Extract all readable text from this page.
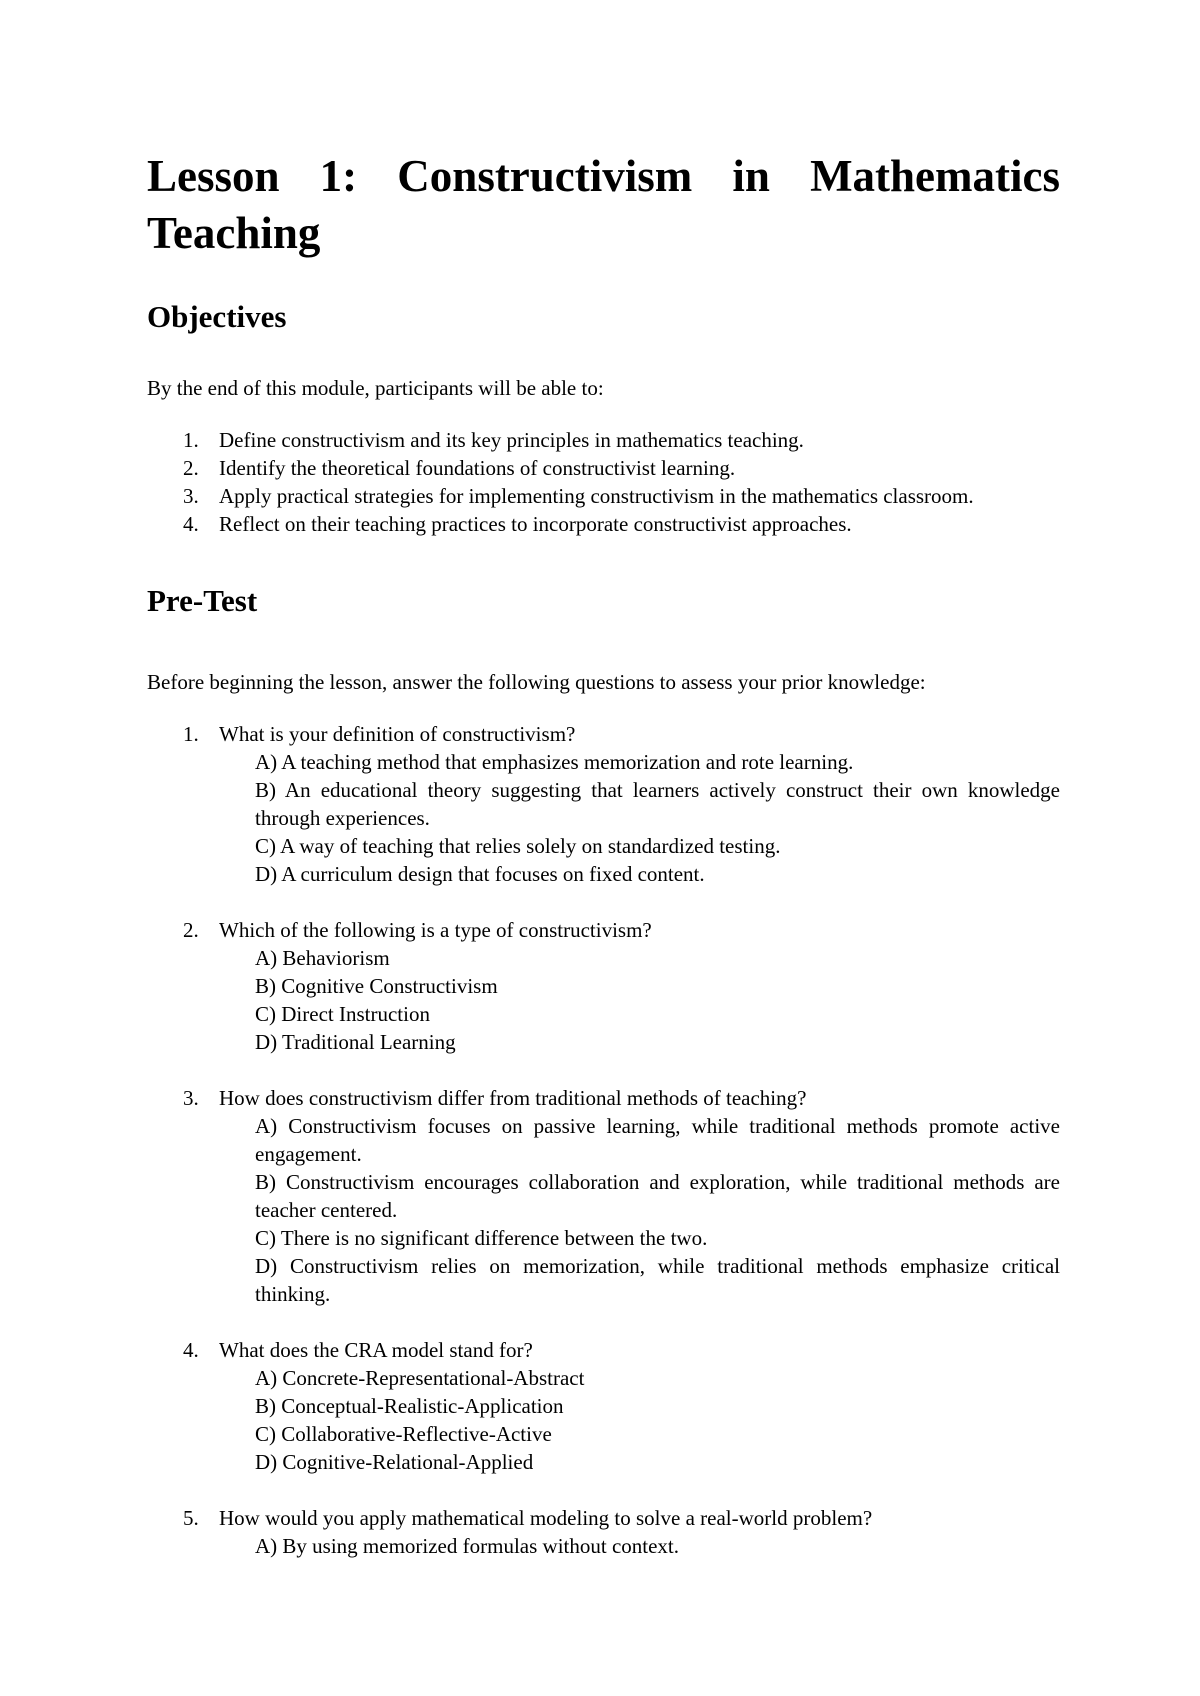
Lesson 1: Constructivism in Mathematics Teaching
Objectives

By the end of this module, participants will be able to:

1. Define constructivism and its key principles in mathematics teaching.
2. Identify the theoretical foundations of constructivist learning.
3. Apply practical strategies for implementing constructivism in the mathematics classroom.
4. Reflect on their teaching practices to incorporate constructivist approaches.
Pre-Test

Before beginning the lesson, answer the following questions to assess your prior knowledge:

1. What is your definition of constructivism?

A) A teaching method that emphasizes memorization and rote learning.

B) An educational theory suggesting that learners actively construct their own knowledge through experiences.

C) A way of teaching that relies solely on standardized testing.

D) A curriculum design that focuses on fixed content.

2. Which of the following is a type of constructivism?

A) Behaviorism

B) Cognitive Constructivism

C) Direct Instruction

D) Traditional Learning

3. How does constructivism differ from traditional methods of teaching?

A) Constructivism focuses on passive learning, while traditional methods promote active engagement.

B) Constructivism encourages collaboration and exploration, while traditional methods are teacher centered.

C) There is no significant difference between the two.

D) Constructivism relies on memorization, while traditional methods emphasize critical thinking.

4. What does the CRA model stand for?

A) Concrete-Representational-Abstract

B) Conceptual-Realistic-Application

C) Collaborative-Reflective-Active

D) Cognitive-Relational-Applied

5. How would you apply mathematical modeling to solve a real-world problem?

A) By using memorized formulas without context.
